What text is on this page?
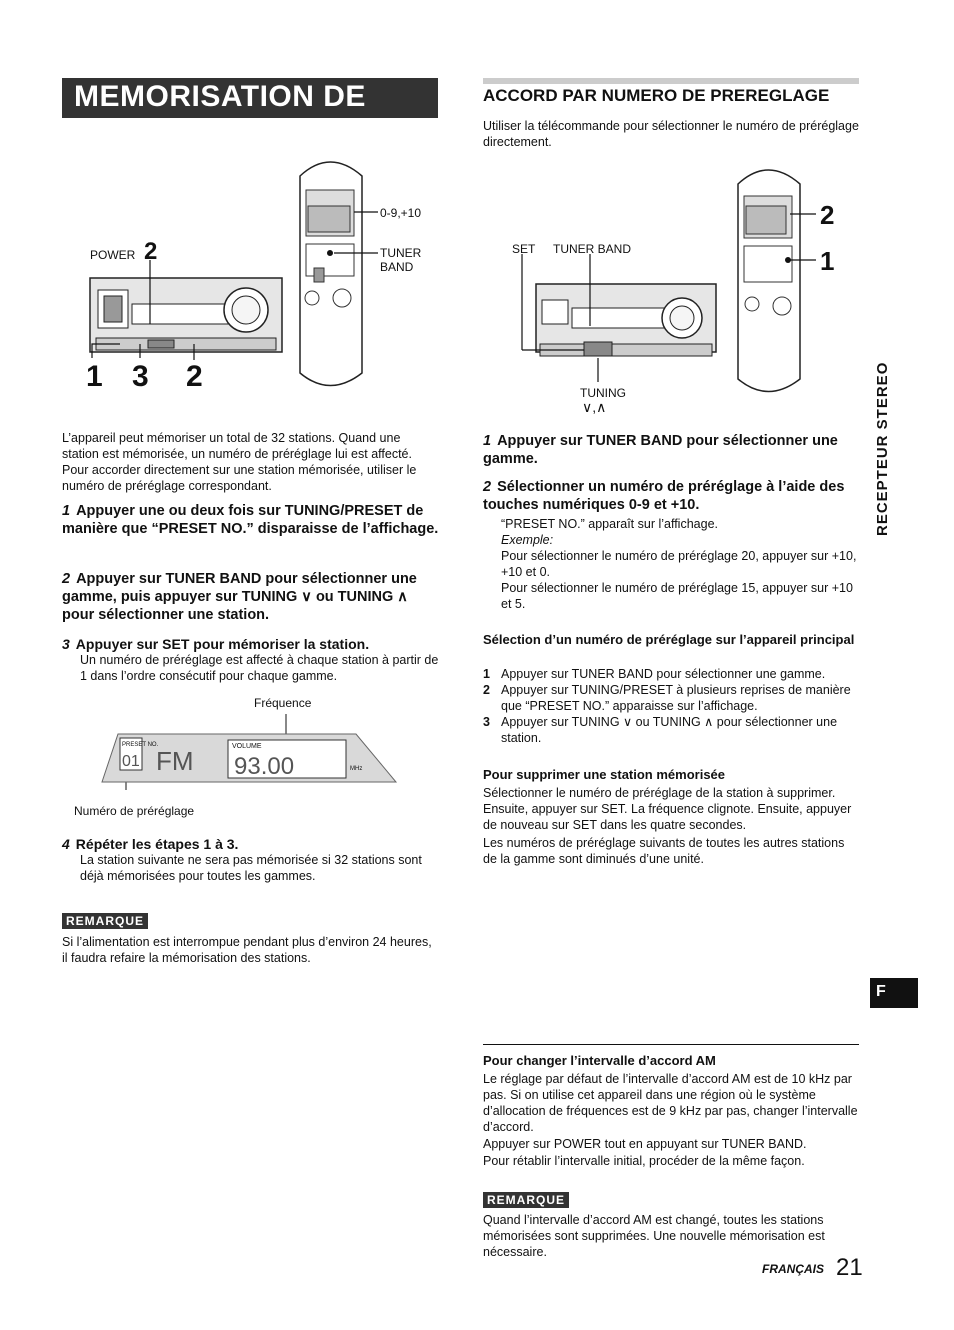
MEMORISATION DE STATIONS
POWER 2
0-9,+10
TUNER BAND
1 3 2

L’appareil peut mémoriser un total de 32 stations. Quand une station est mémorisée, un numéro de préréglage lui est affecté. Pour accorder directement sur une station mémorisée, utiliser le numéro de préréglage correspondant.

1 Appuyer une ou deux fois sur TUNING/PRESET de manière que “PRESET NO.” disparaisse de l’affichage.
2 Appuyer sur TUNER BAND pour sélectionner une gamme, puis appuyer sur TUNING ∨ ou TUNING ∧ pour sélectionner une station.
3 Appuyer sur SET pour mémoriser la station.

Un numéro de préréglage est affecté à chaque station à partir de 1 dans l’ordre consécutif pour chaque gamme.

Fréquence
PRESET NO.
01 FM	VOLUME
93.00	MHz
Numéro de préréglage
4 Répéter les étapes 1 à 3.

La station suivante ne sera pas mémorisée si 32 stations sont déjà mémorisées pour toutes les gammes.

REMARQUE

Si l’alimentation est interrompue pendant plus d’environ 24 heures, il faudra refaire la mémorisation des stations.

ACCORD PAR NUMERO DE PREREGLAGE

Utiliser la télécommande pour sélectionner le numéro de préréglage directement.

SET TUNER BAND
TUNING
∨,∧
2
1
1 Appuyer sur TUNER BAND pour sélectionner une gamme.
2 Sélectionner un numéro de préréglage à l’aide des touches numériques 0-9 et +10.

“PRESET NO.” apparaît sur l’affichage.

Exemple:

Pour sélectionner le numéro de préréglage 20, appuyer sur +10, +10 et 0.

Pour sélectionner le numéro de préréglage 15, appuyer sur +10 et 5.

Sélection d’un numéro de préréglage sur l’appareil principal
1 Appuyer sur TUNER BAND pour sélectionner une gamme.
2 Appuyer sur TUNING/PRESET à plusieurs reprises de manière que “PRESET NO.” apparaisse sur l’affichage.
3 Appuyer sur TUNING ∨ ou TUNING ∧ pour sélectionner une station.
Pour supprimer une station mémorisée

Sélectionner le numéro de préréglage de la station à supprimer. Ensuite, appuyer sur SET. La fréquence clignote. Ensuite, appuyer de nouveau sur SET dans les quatre secondes.

Les numéros de préréglage suivants de toutes les autres stations de la gamme sont diminués d’une unité.

Pour changer l’intervalle d’accord AM

Le réglage par défaut de l’intervalle d’accord AM est de 10 kHz par pas. Si on utilise cet appareil dans une région où le système d’allocation de fréquences est de 9 kHz par pas, changer l’intervalle d’accord.

Appuyer sur POWER tout en appuyant sur TUNER BAND.

Pour rétablir l’intervalle initial, procéder de la même façon.

REMARQUE

Quand l’intervalle d’accord AM est changé, toutes les stations mémorisées sont supprimées. Une nouvelle mémorisation est nécessaire.

RECEPTEUR STEREO
F
FRANÇAIS 21
